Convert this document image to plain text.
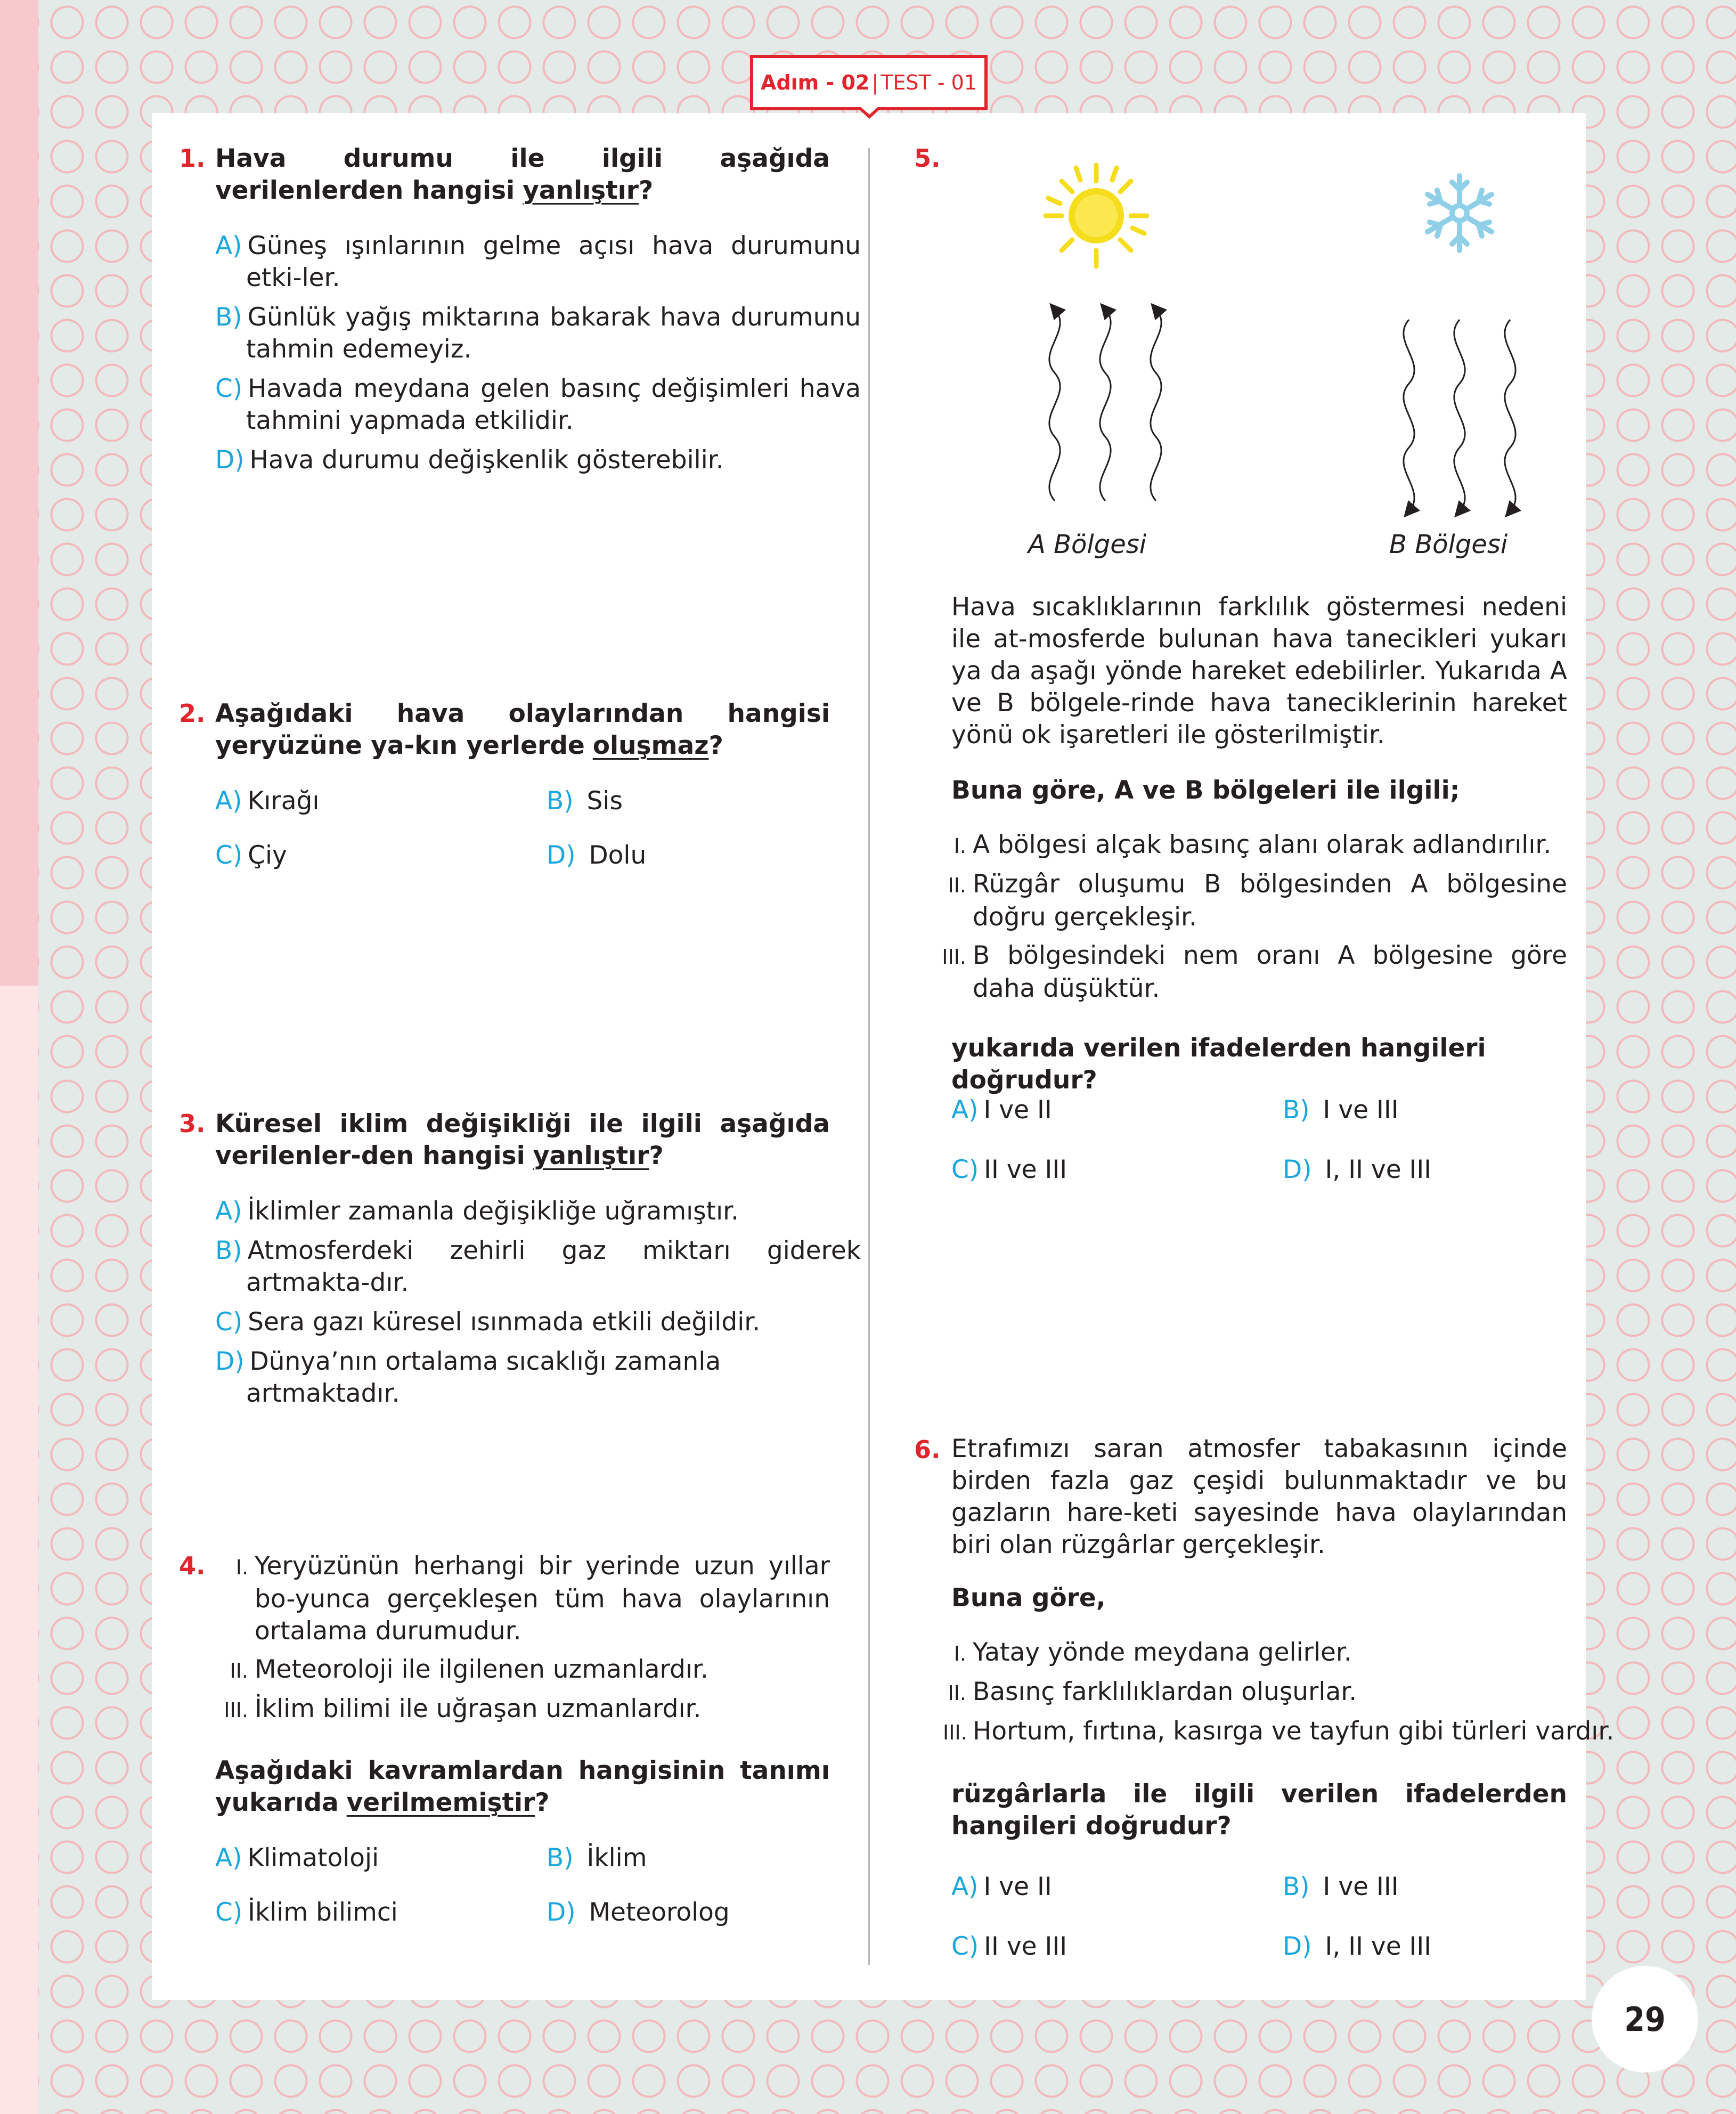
Adım - 02 | TEST - 01
1. Hava durumu ile ilgili aşağıda verilenlerden hangisi yanlıştır?
A) Güneş ışınlarının gelme açısı hava durumunu etki-ler.
B) Günlük yağış miktarına bakarak hava durumunu tahmin edemeyiz.
C) Havada meydana gelen basınç değişimleri hava tahmini yapmada etkilidir.
D) Hava durumu değişkenlik gösterebilir.
2. Aşağıdaki hava olaylarından hangisi yeryüzüne ya-kın yerlerde oluşmaz?
A) Kırağı	B) Sis
C) Çiy	D) Dolu
3. Küresel iklim değişikliği ile ilgili aşağıda verilenler-den hangisi yanlıştır?
A) İklimler zamanla değişikliğe uğramıştır.
B) Atmosferdeki zehirli gaz miktarı giderek artmakta-dır.
C) Sera gazı küresel ısınmada etkili değildir.
D) Dünya’nın ortalama sıcaklığı zamanla artmaktadır.
4.	I. Yeryüzünün herhangi bir yerinde uzun yıllar bo-yunca gerçekleşen tüm hava olaylarının ortalama durumudur.
II. Meteoroloji ile ilgilenen uzmanlardır.
III. İklim bilimi ile uğraşan uzmanlardır.
Aşağıdaki kavramlardan hangisinin tanımı yukarıda verilmemiştir?
A) Klimatoloji	B) İklim
C) İklim bilimci	D) Meteorolog
5.
A Bölgesi	B Bölgesi
Hava sıcaklıklarının farklılık göstermesi nedeni ile at-mosferde bulunan hava tanecikleri yukarı ya da aşağı yönde hareket edebilirler. Yukarıda A ve B bölgele-rinde hava taneciklerinin hareket yönü ok işaretleri ile gösterilmiştir.
Buna göre, A ve B bölgeleri ile ilgili;
I. A bölgesi alçak basınç alanı olarak adlandırılır.
II. Rüzgâr oluşumu B bölgesinden A bölgesine doğru gerçekleşir.
III. B bölgesindeki nem oranı A bölgesine göre daha düşüktür.
yukarıda verilen ifadelerden hangileri doğrudur?
A) I ve II	B) I ve III
C) II ve III	D) I, II ve III
6. Etrafımızı saran atmosfer tabakasının içinde birden fazla gaz çeşidi bulunmaktadır ve bu gazların hare-keti sayesinde hava olaylarından biri olan rüzgârlar gerçekleşir.
Buna göre,
I. Yatay yönde meydana gelirler.
II. Basınç farklılıklardan oluşurlar.
III. Hortum, fırtına, kasırga ve tayfun gibi türleri vardır.
rüzgârlarla ile ilgili verilen ifadelerden hangileri doğrudur?
A) I ve II	B) I ve III
C) II ve III	D) I, II ve III
29
